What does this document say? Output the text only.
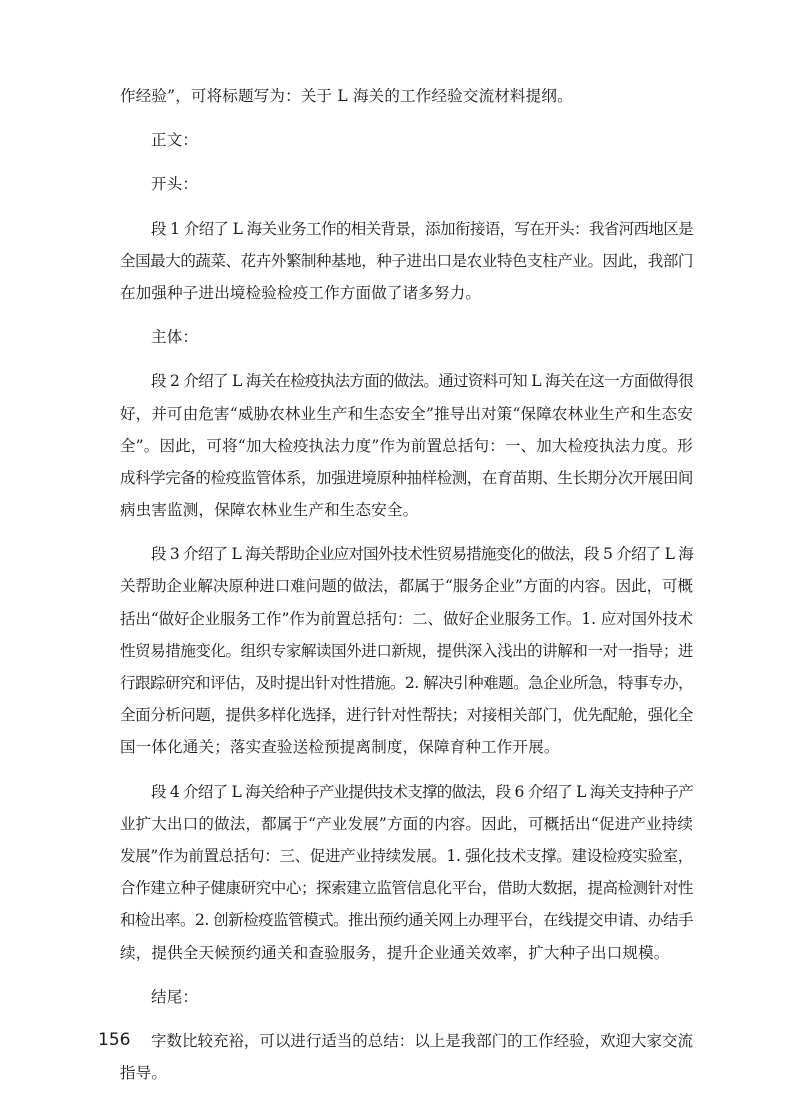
作经验”，可将标题写为：关于 L 海关的工作经验交流材料提纲。
正文：
开头：
段 1 介绍了 L 海关业务工作的相关背景，添加衔接语，写在开头：我省河西地区是
全国最大的蔬菜、花卉外繁制种基地，种子进出口是农业特色支柱产业。因此，我部门
在加强种子进出境检验检疫工作方面做了诸多努力。
主体：
段 2 介绍了 L 海关在检疫执法方面的做法。通过资料可知 L 海关在这一方面做得很
好，并可由危害“威胁农林业生产和生态安全”推导出对策“保障农林业生产和生态安
全”。因此，可将“加大检疫执法力度”作为前置总括句：一、加大检疫执法力度。形
成科学完备的检疫监管体系，加强进境原种抽样检测，在育苗期、生长期分次开展田间
病虫害监测，保障农林业生产和生态安全。
段 3 介绍了 L 海关帮助企业应对国外技术性贸易措施变化的做法，段 5 介绍了 L 海
关帮助企业解决原种进口难问题的做法，都属于“服务企业”方面的内容。因此，可概
括出“做好企业服务工作”作为前置总括句：二、做好企业服务工作。1. 应对国外技术
性贸易措施变化。组织专家解读国外进口新规，提供深入浅出的讲解和一对一指导；进
行跟踪研究和评估，及时提出针对性措施。2. 解决引种难题。急企业所急，特事专办，
全面分析问题，提供多样化选择，进行针对性帮扶；对接相关部门，优先配舱，强化全
国一体化通关；落实查验送检预提离制度，保障育种工作开展。
段 4 介绍了 L 海关给种子产业提供技术支撑的做法，段 6 介绍了 L 海关支持种子产
业扩大出口的做法，都属于“产业发展”方面的内容。因此，可概括出“促进产业持续
发展”作为前置总括句：三、促进产业持续发展。1. 强化技术支撑。建设检疫实验室，
合作建立种子健康研究中心；探索建立监管信息化平台，借助大数据，提高检测针对性
和检出率。2. 创新检疫监管模式。推出预约通关网上办理平台，在线提交申请、办结手
续，提供全天候预约通关和查验服务，提升企业通关效率，扩大种子出口规模。
结尾：
字数比较充裕，可以进行适当的总结：以上是我部门的工作经验，欢迎大家交流
指导。
156
